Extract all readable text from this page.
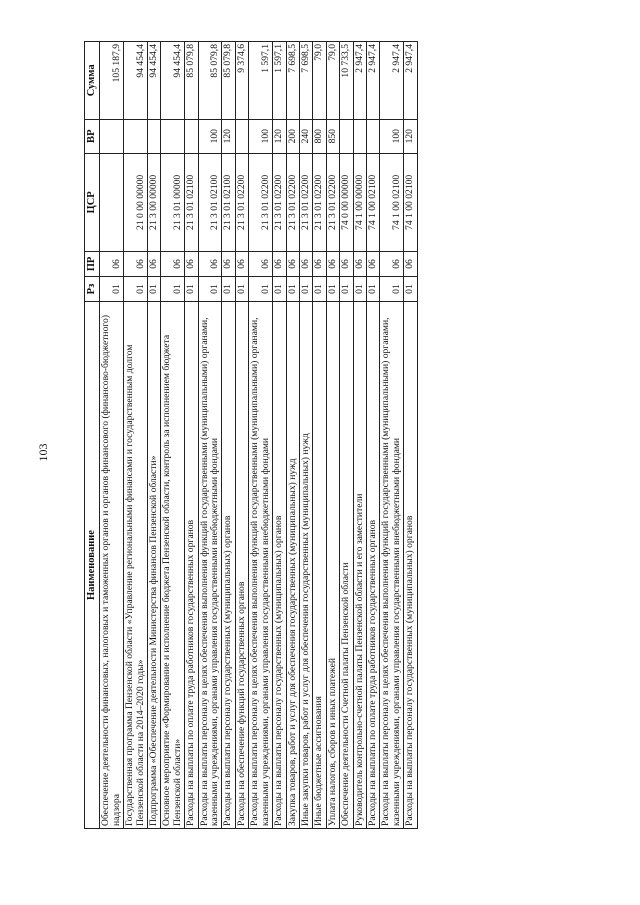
103
Наименование	Рз	ПР	ЦСР	ВР	Сумма
Обеспечение деятельности финансовых, налоговых и таможенных органов и органов финансового (финансово-бюджетного) надзора	01	06			105 187,9
Государственная программа Пензенской области «Управление региональными финансами и государственным долгом Пензенской области на 2014–2020 годы»	01	06	21 0 00 00000		94 454,4
Подпрограмма «Обеспечение деятельности Министерства финансов Пензенской области»	01	06	21 3 00 00000		94 454,4
Основное мероприятие «Формирование и исполнение бюджета Пензенской области, контроль за исполнением бюджета Пензенской области»	01	06	21 3 01 00000		94 454,4
Расходы на выплаты по оплате труда работников государственных органов	01	06	21 3 01 02100		85 079,8
Расходы на выплаты персоналу в целях обеспечения выполнения функций государственными (муниципальными) органами, казенными учреждениями, органами управления государственными внебюджетными фондами	01	06	21 3 01 02100	100	85 079,8
Расходы на выплаты персоналу государственных (муниципальных) органов	01	06	21 3 01 02100	120	85 079,8
Расходы на обеспечение функций государственных органов	01	06	21 3 01 02200		9 374,6
Расходы на выплаты персоналу в целях обеспечения выполнения функций государственными (муниципальными) органами, казенными учреждениями, органами управления государственными внебюджетными фондами	01	06	21 3 01 02200	100	1 597,1
Расходы на выплаты персоналу государственных (муниципальных) органов	01	06	21 3 01 02200	120	1 597,1
Закупка товаров, работ и услуг для обеспечения государственных (муниципальных) нужд	01	06	21 3 01 02200	200	7 698,5
Иные закупки товаров, работ и услуг для обеспечения государственных (муниципальных) нужд	01	06	21 3 01 02200	240	7 698,5
Иные бюджетные ассигнования	01	06	21 3 01 02200	800	79,0
Уплата налогов, сборов и иных платежей	01	06	21 3 01 02200	850	79,0
Обеспечение деятельности Счетной палаты Пензенской области	01	06	74 0 00 00000		10 733,5
Руководитель контрольно-счетной палаты Пензенской области и его заместители	01	06	74 1 00 00000		2 947,4
Расходы на выплаты по оплате труда работников государственных органов	01	06	74 1 00 02100		2 947,4
Расходы на выплаты персоналу в целях обеспечения выполнения функций государственными (муниципальными) органами, казенными учреждениями, органами управления государственными внебюджетными фондами	01	06	74 1 00 02100	100	2 947,4
Расходы на выплаты персоналу государственных (муниципальных) органов	01	06	74 1 00 02100	120	2 947,4
